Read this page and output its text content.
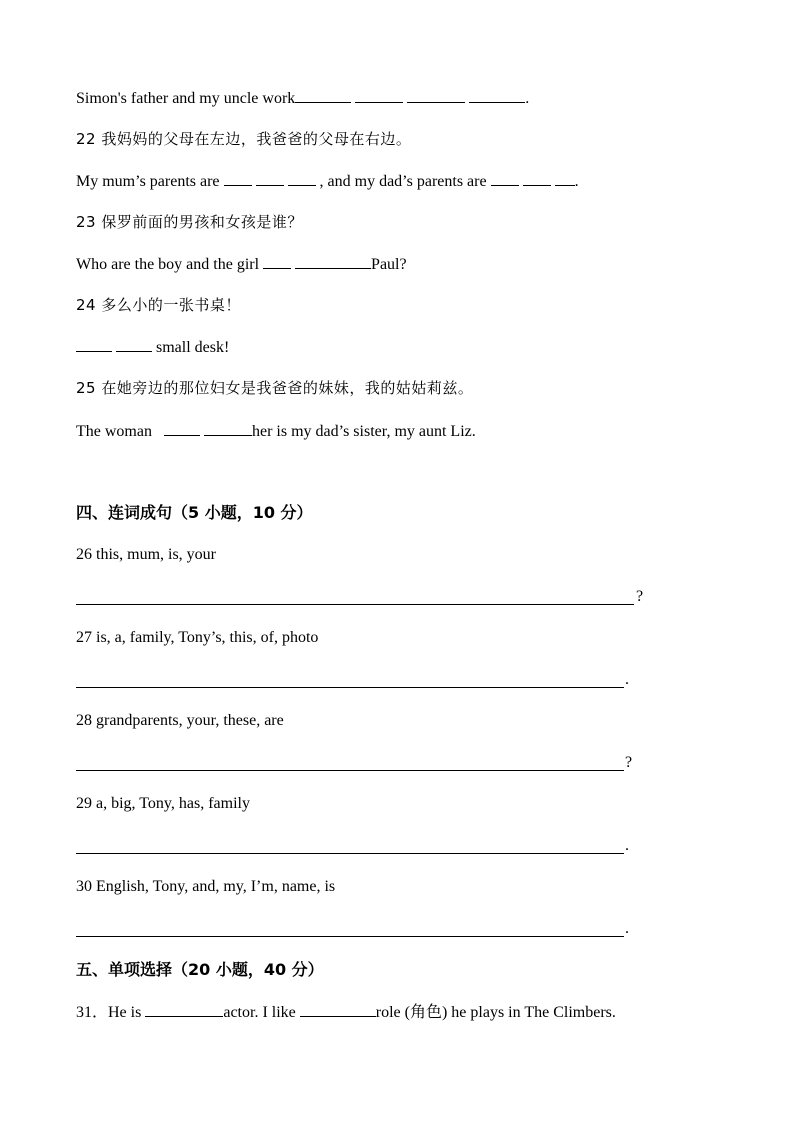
Simon's father and my uncle work	.
22 我妈妈的父母在左边，我爸爸的父母在右边。
My mum’s parents are	, and my dad’s parents are	.
23 保罗前面的男孩和女孩是谁？
Who are the boy and the girl	Paul?
24 多么小的一张书桌！
small desk!
25 在她旁边的那位妇女是我爸爸的妹妹，我的姑姑莉兹。
The woman	her is my dad’s sister, my aunt Liz.
四、连词成句（5 小题，10 分）
26 this, mum, is, your
?
27 is, a, family, Tony’s, this, of, photo
.
28 grandparents, your, these, are
?
29 a, big, Tony, has, family
.
30 English, Tony, and, my, I’m, name, is
.
五、单项选择（20 小题，40 分）
31．He is	actor. I like	role (角色) he plays in The Climbers.
